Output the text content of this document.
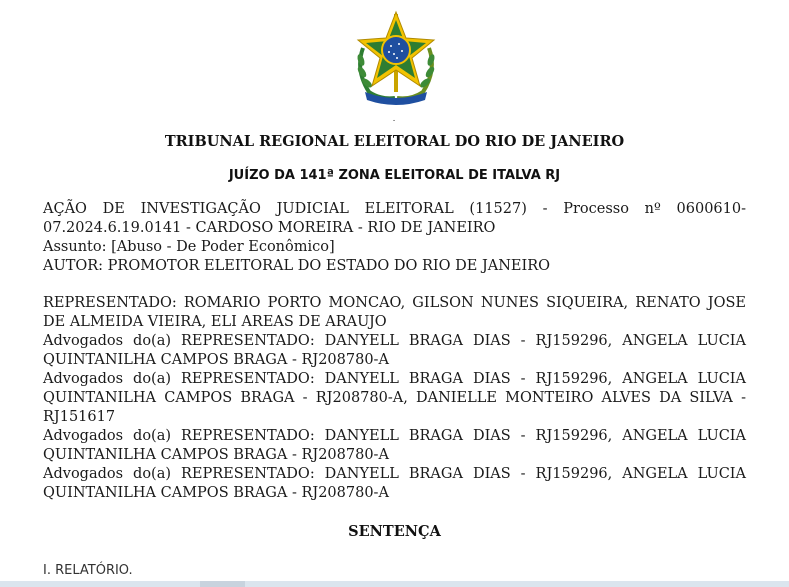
.
TRIBUNAL REGIONAL ELEITORAL DO RIO DE JANEIRO
JUÍZO DA 141ª ZONA ELEITORAL DE ITALVA RJ

AÇÃO DE INVESTIGAÇÃO JUDICIAL ELEITORAL (11527) - Processo nº 0600610-07.2024.6.19.0141 - CARDOSO MOREIRA - RIO DE JANEIRO

Assunto: [Abuso - De Poder Econômico]

AUTOR: PROMOTOR ELEITORAL DO ESTADO DO RIO DE JANEIRO

REPRESENTADO: ROMARIO PORTO MONCAO, GILSON NUNES SIQUEIRA, RENATO JOSE DE ALMEIDA VIEIRA, ELI AREAS DE ARAUJO

Advogados do(a) REPRESENTADO: DANYELL BRAGA DIAS - RJ159296, ANGELA LUCIA QUINTANILHA CAMPOS BRAGA - RJ208780-A

Advogados do(a) REPRESENTADO: DANYELL BRAGA DIAS - RJ159296, ANGELA LUCIA QUINTANILHA CAMPOS BRAGA - RJ208780-A, DANIELLE MONTEIRO ALVES DA SILVA - RJ151617

Advogados do(a) REPRESENTADO: DANYELL BRAGA DIAS - RJ159296, ANGELA LUCIA QUINTANILHA CAMPOS BRAGA - RJ208780-A

Advogados do(a) REPRESENTADO: DANYELL BRAGA DIAS - RJ159296, ANGELA LUCIA QUINTANILHA CAMPOS BRAGA - RJ208780-A

SENTENÇA
I. RELATÓRIO.
